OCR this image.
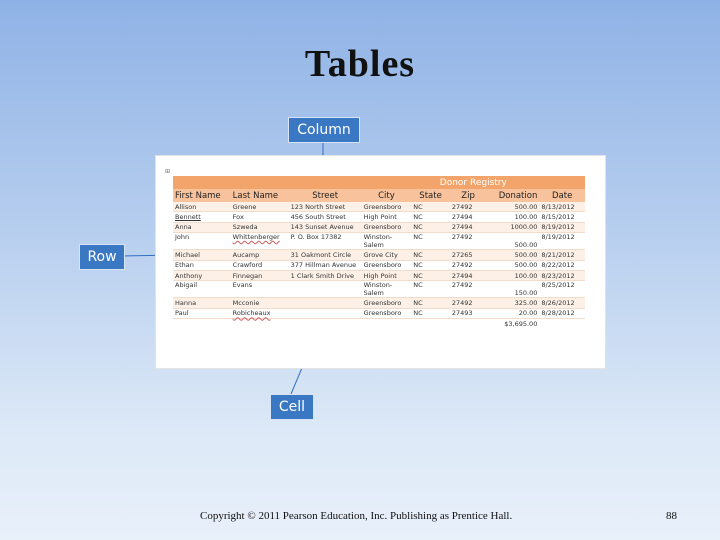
Tables
Column
Row
⊞
			Donor Registry				
First Name	Last Name	Street	City	State	Zip	Donation	Date
Allison	Greene	123 North Street	Greensboro	NC	27492	500.00	8/13/2012
Bennett	Fox	456 South Street	High Point	NC	27494	100.00	8/15/2012
Anna	Szweda	143 Sunset Avenue	Greensboro	NC	27494	1000.00	8/19/2012
John	Whittenberger	P. O. Box 17382	Winston-Salem	NC	27492	500.00	8/19/2012
Michael	Aucamp	31 Oakmont Circle	Grove City	NC	27265	500.00	8/21/2012
Ethan	Crawford	377 Hillman Avenue	Greensboro	NC	27492	500.00	8/22/2012
Anthony	Finnegan	1 Clark Smith Drive	High Point	NC	27494	100.00	8/23/2012
Abigail	Evans		Winston-Salem	NC	27492	150.00	8/25/2012
Hanna	Mcconie		Greensboro	NC	27492	325.00	8/26/2012
Paul	Robicheaux		Greensboro	NC	27493	20.00	8/28/2012
						$3,695.00	
Cell
Copyright © 2011 Pearson Education, Inc. Publishing as Prentice Hall.	88
